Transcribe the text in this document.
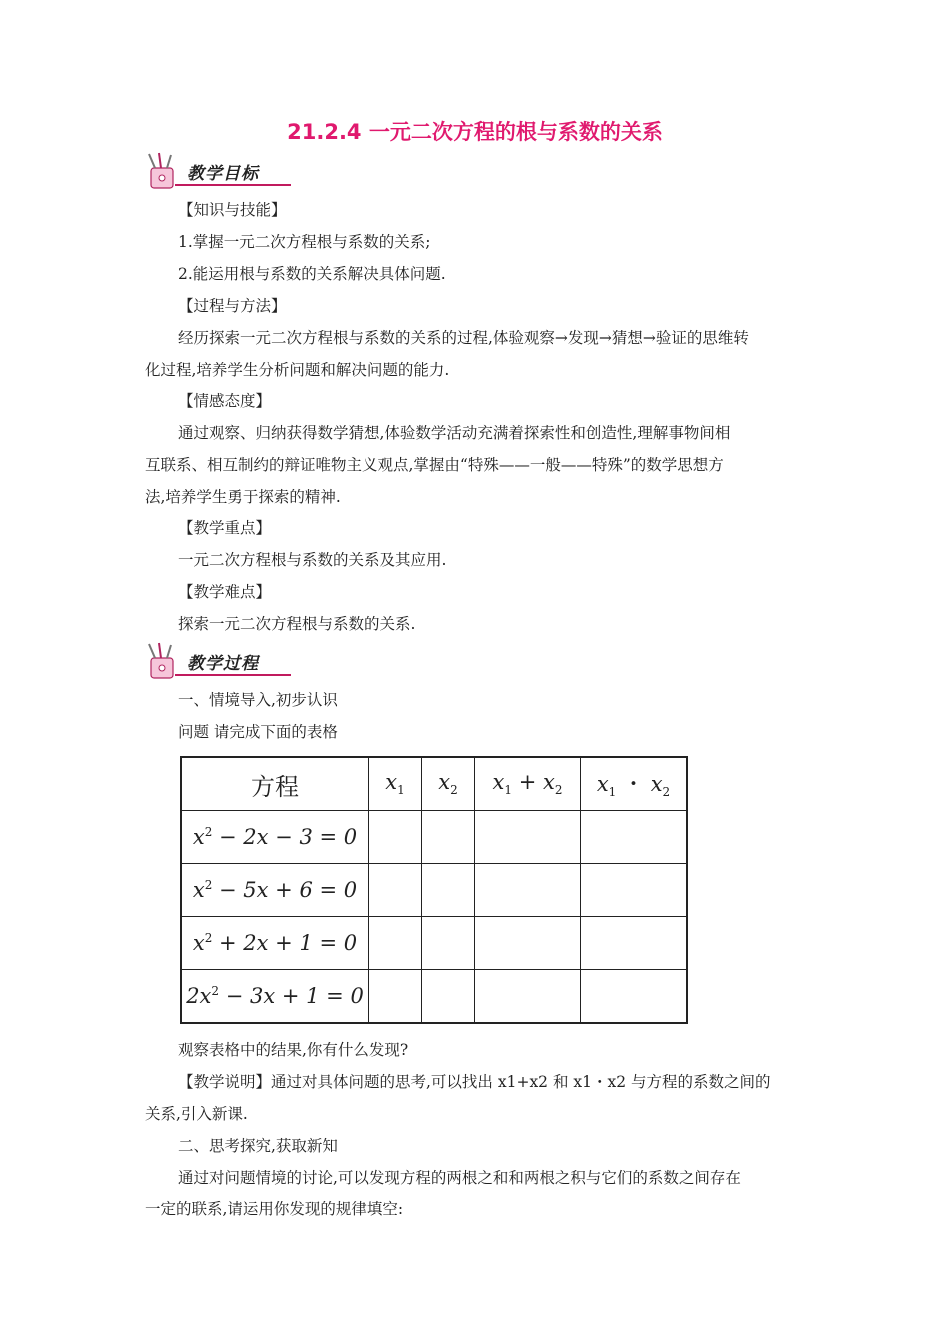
21.2.4 一元二次方程的根与系数的关系
教学目标
【知识与技能】
1.掌握一元二次方程根与系数的关系;
2.能运用根与系数的关系解决具体问题.
【过程与方法】
经历探索一元二次方程根与系数的关系的过程,体验观察→发现→猜想→验证的思维转
化过程,培养学生分析问题和解决问题的能力.
【情感态度】
通过观察、归纳获得数学猜想,体验数学活动充满着探索性和创造性,理解事物间相
互联系、相互制约的辩证唯物主义观点,掌握由“特殊——一般——特殊”的数学思想方
法,培养学生勇于探索的精神.
【教学重点】
一元二次方程根与系数的关系及其应用.
【教学难点】
探索一元二次方程根与系数的关系.
教学过程
一、情境导入,初步认识
问题 请完成下面的表格
方程	$x_1$	$x_2$	$x_1 + x_2$	$x_1$ ・ $x_2$
$x^2 - 2x - 3 = 0$				
$x^2 - 5x + 6 = 0$				
$x^2 + 2x + 1 = 0$				
$2x^2 - 3x + 1 = 0$				
观察表格中的结果,你有什么发现?
【教学说明】通过对具体问题的思考,可以找出 x1+x2 和 x1・x2 与方程的系数之间的
关系,引入新课.
二、思考探究,获取新知
通过对问题情境的讨论,可以发现方程的两根之和和两根之积与它们的系数之间存在
一定的联系,请运用你发现的规律填空:
